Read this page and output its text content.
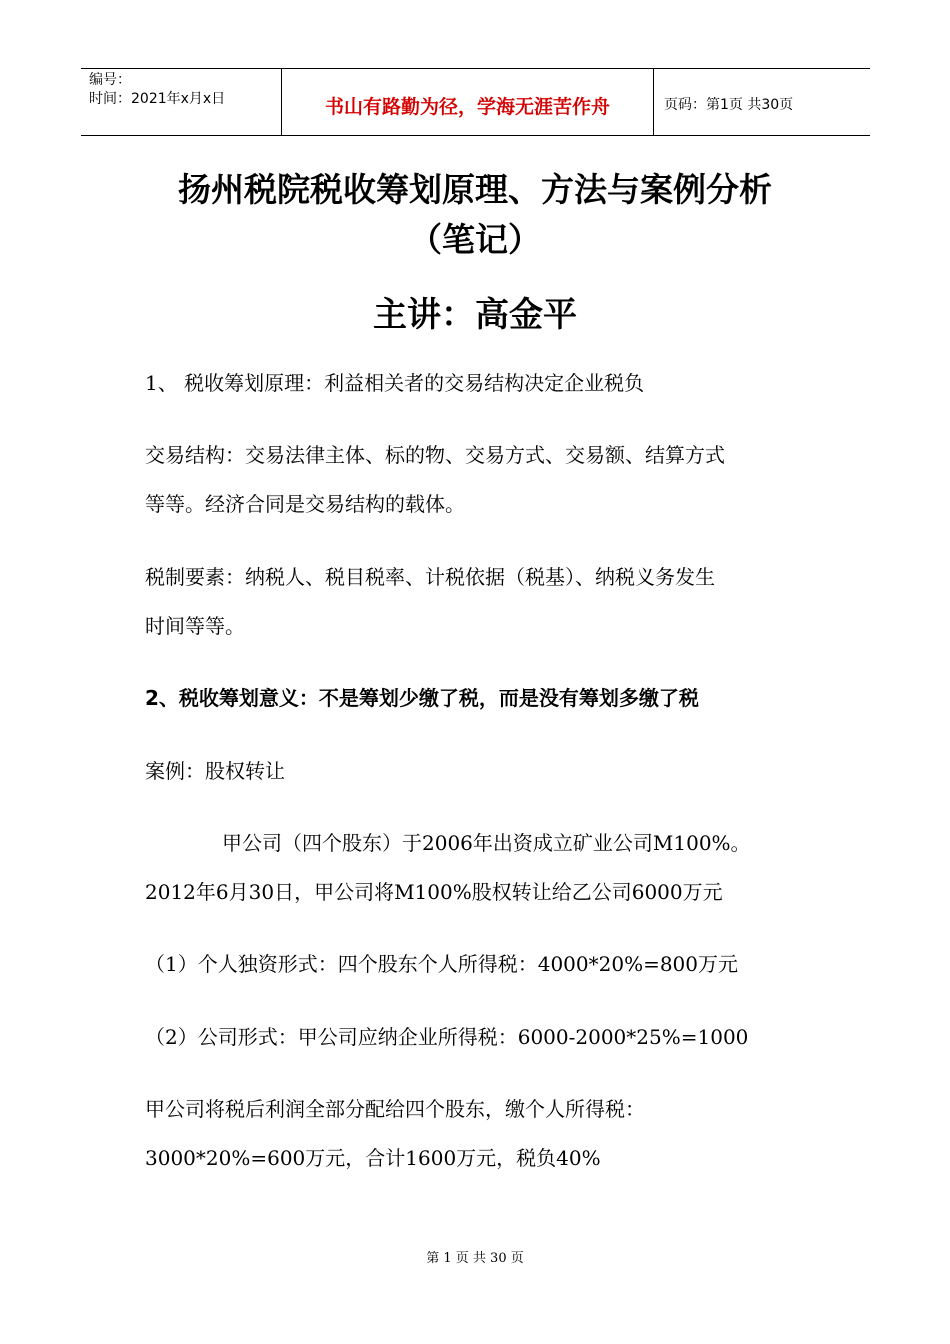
编号：
时间：2021年x月x日	书山有路勤为径，学海无涯苦作舟	页码：第1页 共30页
扬州税院税收筹划原理、方法与案例分析
（笔记）
主讲：高金平
1、 税收筹划原理：利益相关者的交易结构决定企业税负
交易结构：交易法律主体、标的物、交易方式、交易额、结算方式
等等。经济合同是交易结构的载体。
税制要素：纳税人、税目税率、计税依据（税基）、纳税义务发生
时间等等。
2、税收筹划意义：不是筹划少缴了税，而是没有筹划多缴了税
案例：股权转让
甲公司（四个股东）于2006年出资成立矿业公司M100%。
2012年6月30日，甲公司将M100%股权转让给乙公司6000万元
（1）个人独资形式：四个股东个人所得税：4000*20%=800万元
（2）公司形式：甲公司应纳企业所得税：6000-2000*25%=1000
甲公司将税后利润全部分配给四个股东，缴个人所得税：
3000*20%=600万元，合计1600万元，税负40%
第 1 页 共 30 页
